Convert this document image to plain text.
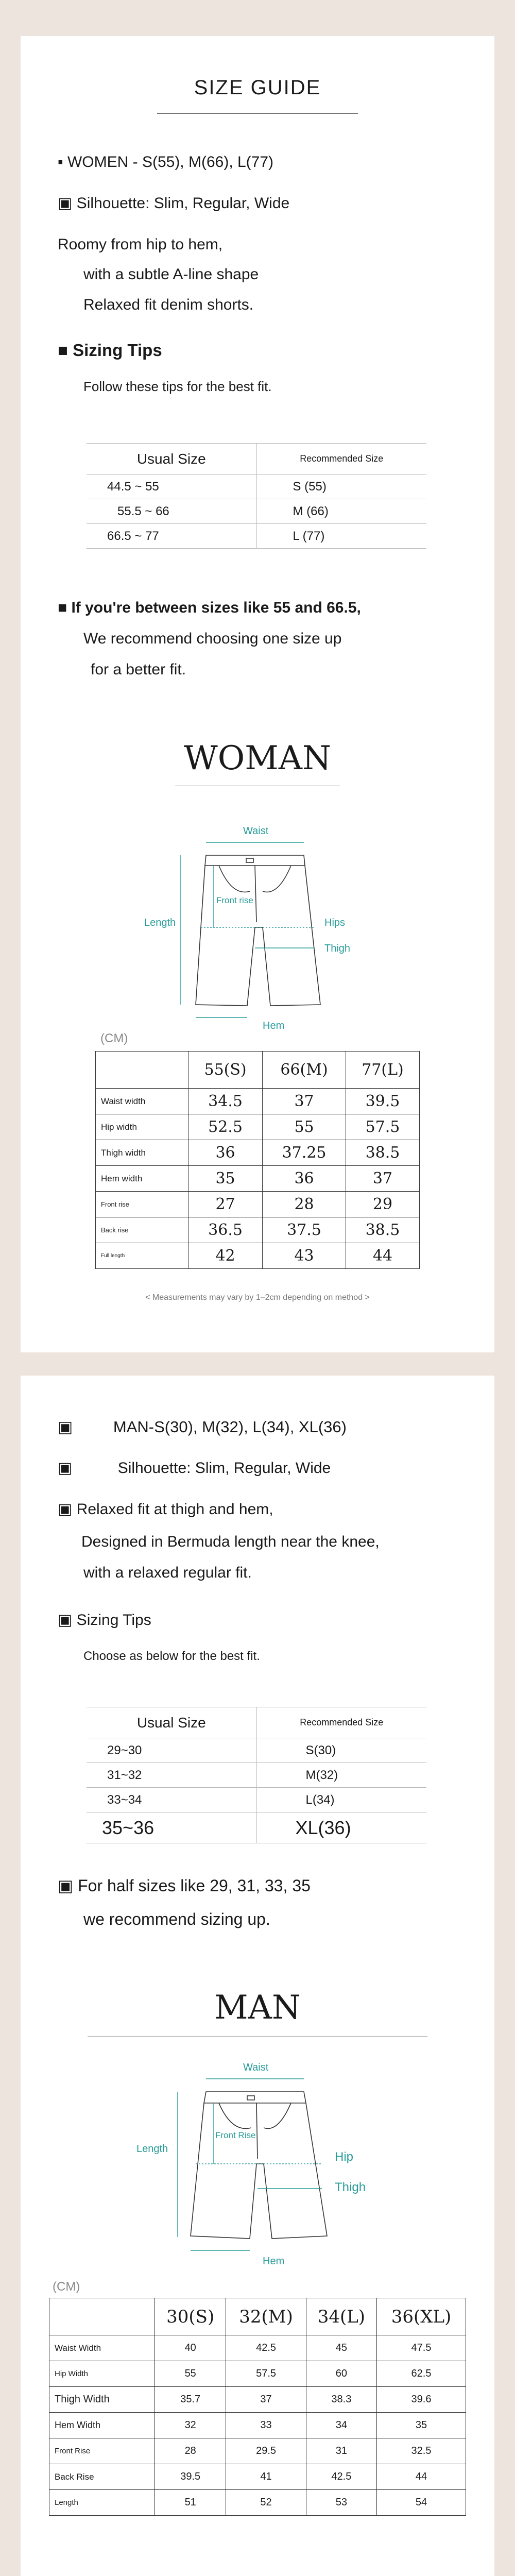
SIZE GUIDE
▪ WOMEN - S(55), M(66), L(77)
▣ Silhouette: Slim, Regular, Wide
Roomy from hip to hem,
with a subtle A-line shape
Relaxed fit denim shorts.
■ Sizing Tips
Follow these tips for the best fit.
Usual Size	Recommended Size
44.5 ~ 55	S (55)
55.5 ~ 66	M (66)
66.5 ~ 77	L (77)
■ If you're between sizes like 55 and 66.5,
We recommend choosing one size up
for a better fit.
WOMAN
Waist
Length
Front rise
Hips
Thigh
Hem
(CM)
	55(S)	66(M)	77(L)
Waist width	34.5	37	39.5
Hip width	52.5	55	57.5
Thigh width	36	37.25	38.5
Hem width	35	36	37
Front rise	27	28	29
Back rise	36.5	37.5	38.5
Full length	42	43	44
< Measurements may vary by 1–2cm depending on method >
▣	MAN-S(30), M(32), L(34), XL(36)
▣	Silhouette: Slim, Regular, Wide
▣ Relaxed fit at thigh and hem,
Designed in Bermuda length near the knee,
with a relaxed regular fit.
▣ Sizing Tips
Choose as below for the best fit.
Usual Size	Recommended Size
29~30	S(30)
31~32	M(32)
33~34	L(34)
35~36	XL(36)
▣ For half sizes like 29, 31, 33, 35
we recommend sizing up.
MAN
Waist
Length
Front Rise
Hip
Thigh
Hem
(CM)
	30(S)	32(M)	34(L)	36(XL)
Waist Width	40	42.5	45	47.5
Hip Width	55	57.5	60	62.5
Thigh Width	35.7	37	38.3	39.6
Hem Width	32	33	34	35
Front Rise	28	29.5	31	32.5
Back Rise	39.5	41	42.5	44
Length	51	52	53	54
